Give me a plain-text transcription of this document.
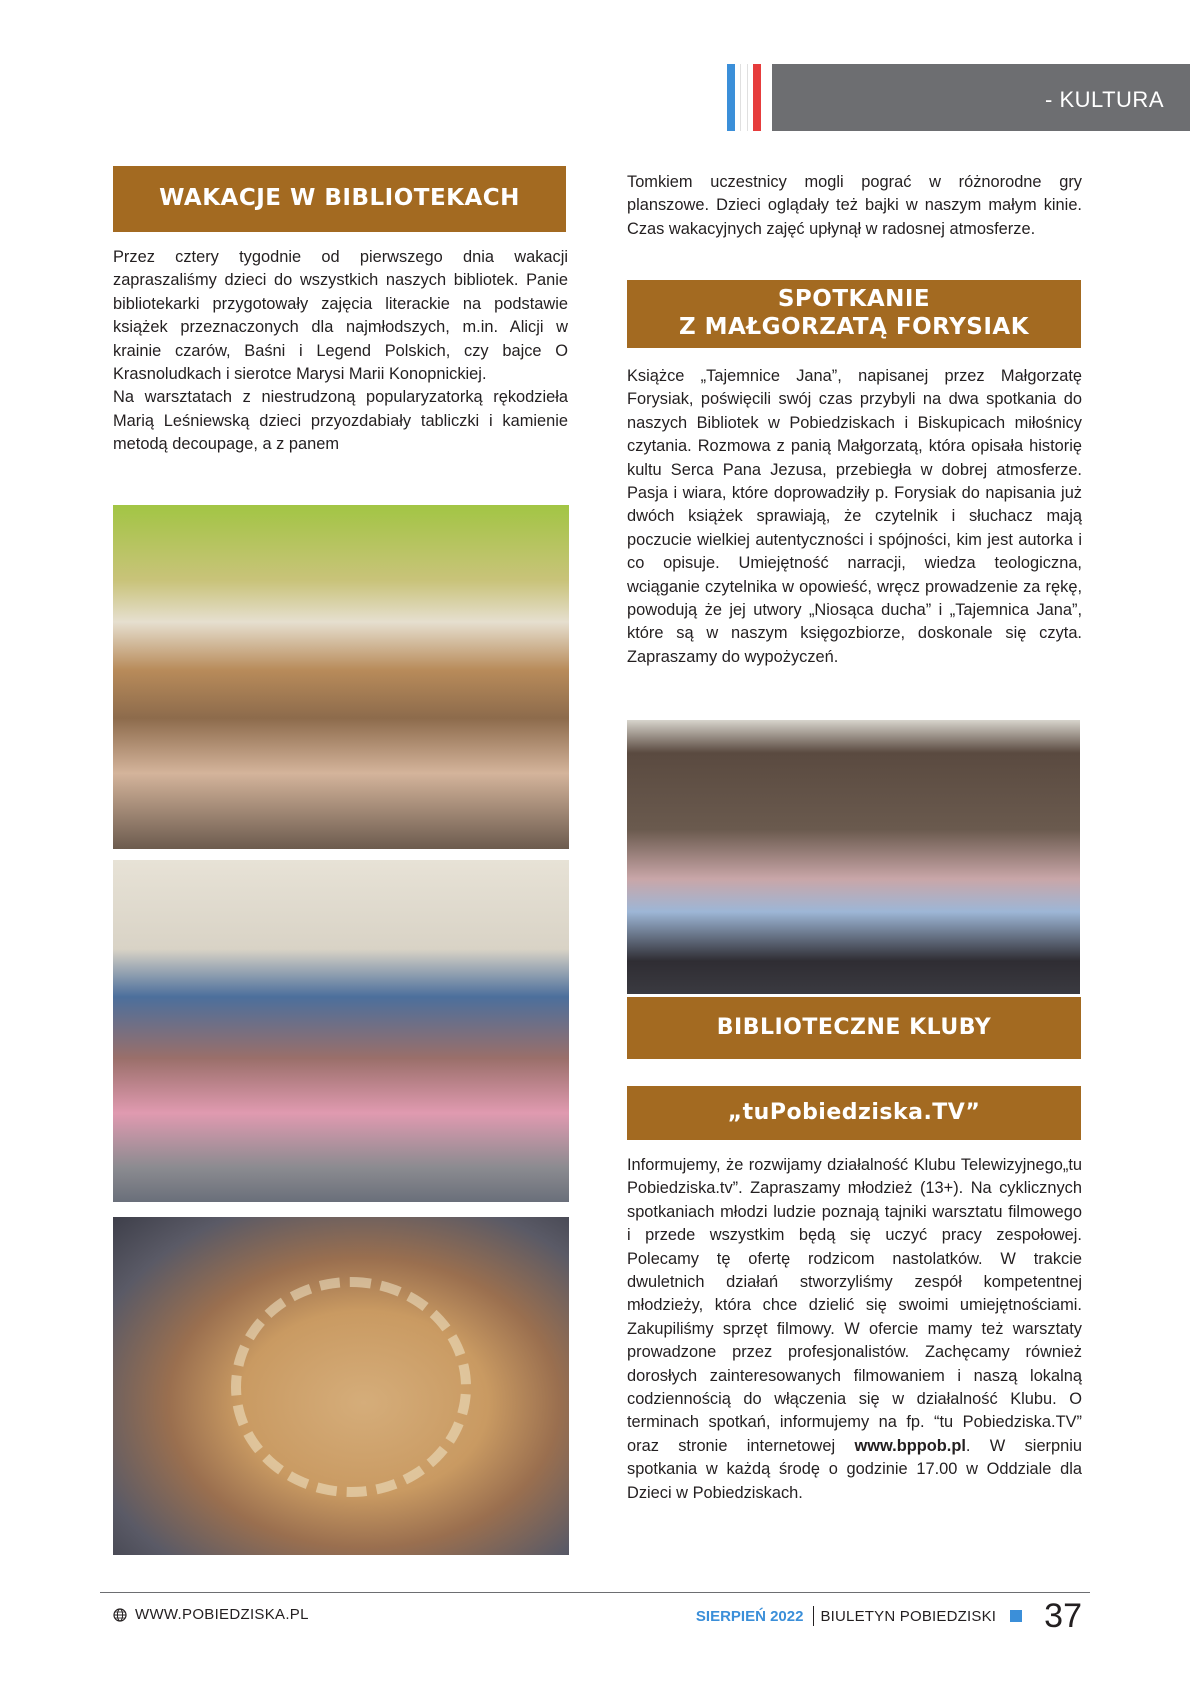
- KULTURA
WAKACJE W BIBLIOTEKACH

Przez cztery tygodnie od pierwszego dnia wakacji zapraszaliśmy dzieci do wszystkich naszych bibliotek. Panie bibliotekarki przygotowały zajęcia literackie na podstawie książek przeznaczonych dla najmłodszych, m.in. Alicji w krainie czarów, Baśni i Legend Polskich, czy bajce O Krasnoludkach i sierotce Marysi Marii Konopnickiej.

Na warsztatach z niestrudzoną popularyzatorką rękodzieła Marią Leśniewską dzieci przyozdabiały tabliczki i kamienie metodą decoupage, a z panem

Tomkiem uczestnicy mogli pograć w różnorodne gry planszowe. Dzieci oglądały też bajki w naszym małym kinie. Czas wakacyjnych zajęć upłynął w radosnej atmosferze.

SPOTKANIE
Z MAŁGORZATĄ FORYSIAK

Książce „Tajemnice Jana”, napisanej przez Małgorzatę Forysiak, poświęcili swój czas przybyli na dwa spotkania do naszych Bibliotek w Pobiedziskach i Biskupicach miłośnicy czytania. Rozmowa z panią Małgorzatą, która opisała historię kultu Serca Pana Jezusa, przebiegła w dobrej atmosferze. Pasja i wiara, które doprowadziły p. Forysiak do napisania już dwóch książek sprawiają, że czytelnik i słuchacz mają poczucie wielkiej autentyczności i spójności, kim jest autorka i co opisuje. Umiejętność narracji, wiedza teologiczna, wciąganie czytelnika w opowieść, wręcz prowadzenie za rękę, powodują że jej utwory „Niosąca ducha” i „Tajemnica Jana”, które są w naszym księgozbiorze, doskonale się czyta. Zapraszamy do wypożyczeń.

BIBLIOTECZNE KLUBY
„tuPobiedziska.TV”

Informujemy, że rozwijamy działalność Klubu Telewizyjnego„tu Pobiedziska.tv”. Zapraszamy młodzież (13+). Na cyklicznych spotkaniach młodzi ludzie poznają tajniki warsztatu filmowego i przede wszystkim będą się uczyć pracy zespołowej. Polecamy tę ofertę rodzicom nastolatków. W trakcie dwuletnich działań stworzyliśmy zespół kompetentnej młodzieży, która chce dzielić się swoimi umiejętnościami. Zakupiliśmy sprzęt filmowy. W ofercie mamy też warsztaty prowadzone przez profesjonalistów. Zachęcamy również dorosłych zainteresowanych filmowaniem i naszą lokalną codziennością do włączenia się w działalność Klubu. O terminach spotkań, informujemy na fp. “tu Pobiedziska.TV” oraz stronie internetowej www.bppob.pl. W sierpniu spotkania w każdą środę o godzinie 17.00 w Oddziale dla Dzieci w Pobiedziskach.

WWW.POBIEDZISKA.PL	SIERPIEŃ 2022 BIULETYN POBIEDZISKI 37
